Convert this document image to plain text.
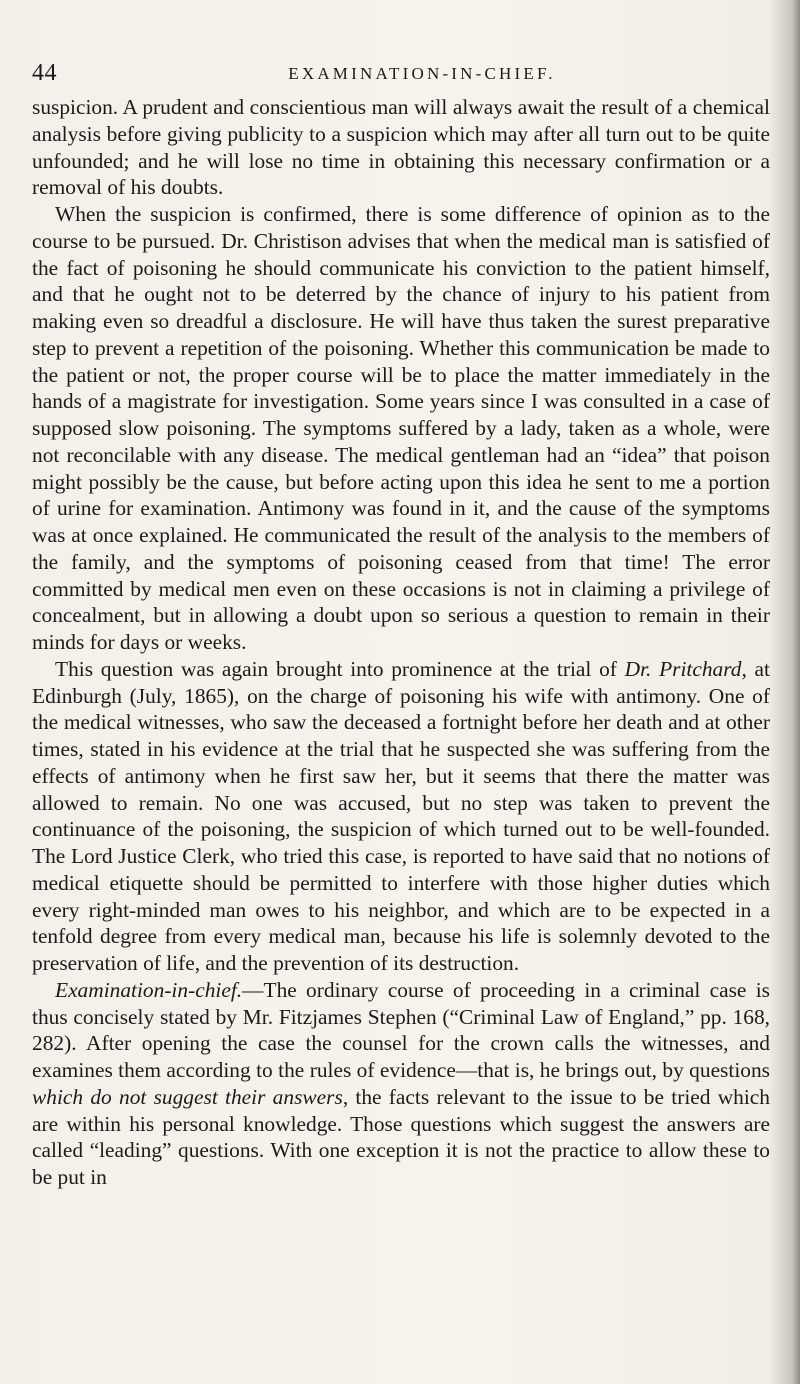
44	EXAMINATION-IN-CHIEF.

suspicion. A prudent and conscientious man will always await the result of a chemical analysis before giving publicity to a suspicion which may after all turn out to be quite unfounded; and he will lose no time in obtaining this necessary confirmation or a removal of his doubts.

When the suspicion is confirmed, there is some difference of opinion as to the course to be pursued. Dr. Christison advises that when the medical man is satisfied of the fact of poisoning he should communicate his conviction to the patient himself, and that he ought not to be deterred by the chance of injury to his patient from making even so dreadful a disclosure. He will have thus taken the surest preparative step to prevent a repetition of the poisoning. Whether this communication be made to the patient or not, the proper course will be to place the matter immediately in the hands of a magistrate for investigation. Some years since I was consulted in a case of supposed slow poisoning. The symptoms suffered by a lady, taken as a whole, were not reconcilable with any disease. The medical gentleman had an “idea” that poison might possibly be the cause, but before acting upon this idea he sent to me a portion of urine for examination. Antimony was found in it, and the cause of the symptoms was at once explained. He communicated the result of the analysis to the members of the family, and the symptoms of poisoning ceased from that time! The error committed by medical men even on these occasions is not in claiming a privilege of concealment, but in allowing a doubt upon so serious a question to remain in their minds for days or weeks.

This question was again brought into prominence at the trial of Dr. Pritchard, at Edinburgh (July, 1865), on the charge of poisoning his wife with antimony. One of the medical witnesses, who saw the deceased a fortnight before her death and at other times, stated in his evidence at the trial that he suspected she was suffering from the effects of antimony when he first saw her, but it seems that there the matter was allowed to remain. No one was accused, but no step was taken to prevent the continuance of the poisoning, the suspicion of which turned out to be well-founded. The Lord Justice Clerk, who tried this case, is reported to have said that no notions of medical etiquette should be permitted to interfere with those higher duties which every right-minded man owes to his neighbor, and which are to be expected in a tenfold degree from every medical man, because his life is solemnly devoted to the preservation of life, and the prevention of its destruction.

Examination-in-chief.—The ordinary course of proceeding in a criminal case is thus concisely stated by Mr. Fitzjames Stephen (“Criminal Law of England,” pp. 168, 282). After opening the case the counsel for the crown calls the witnesses, and examines them according to the rules of evidence—that is, he brings out, by questions which do not suggest their answers, the facts relevant to the issue to be tried which are within his personal knowledge. Those questions which suggest the answers are called “leading” questions. With one exception it is not the practice to allow these to be put in
